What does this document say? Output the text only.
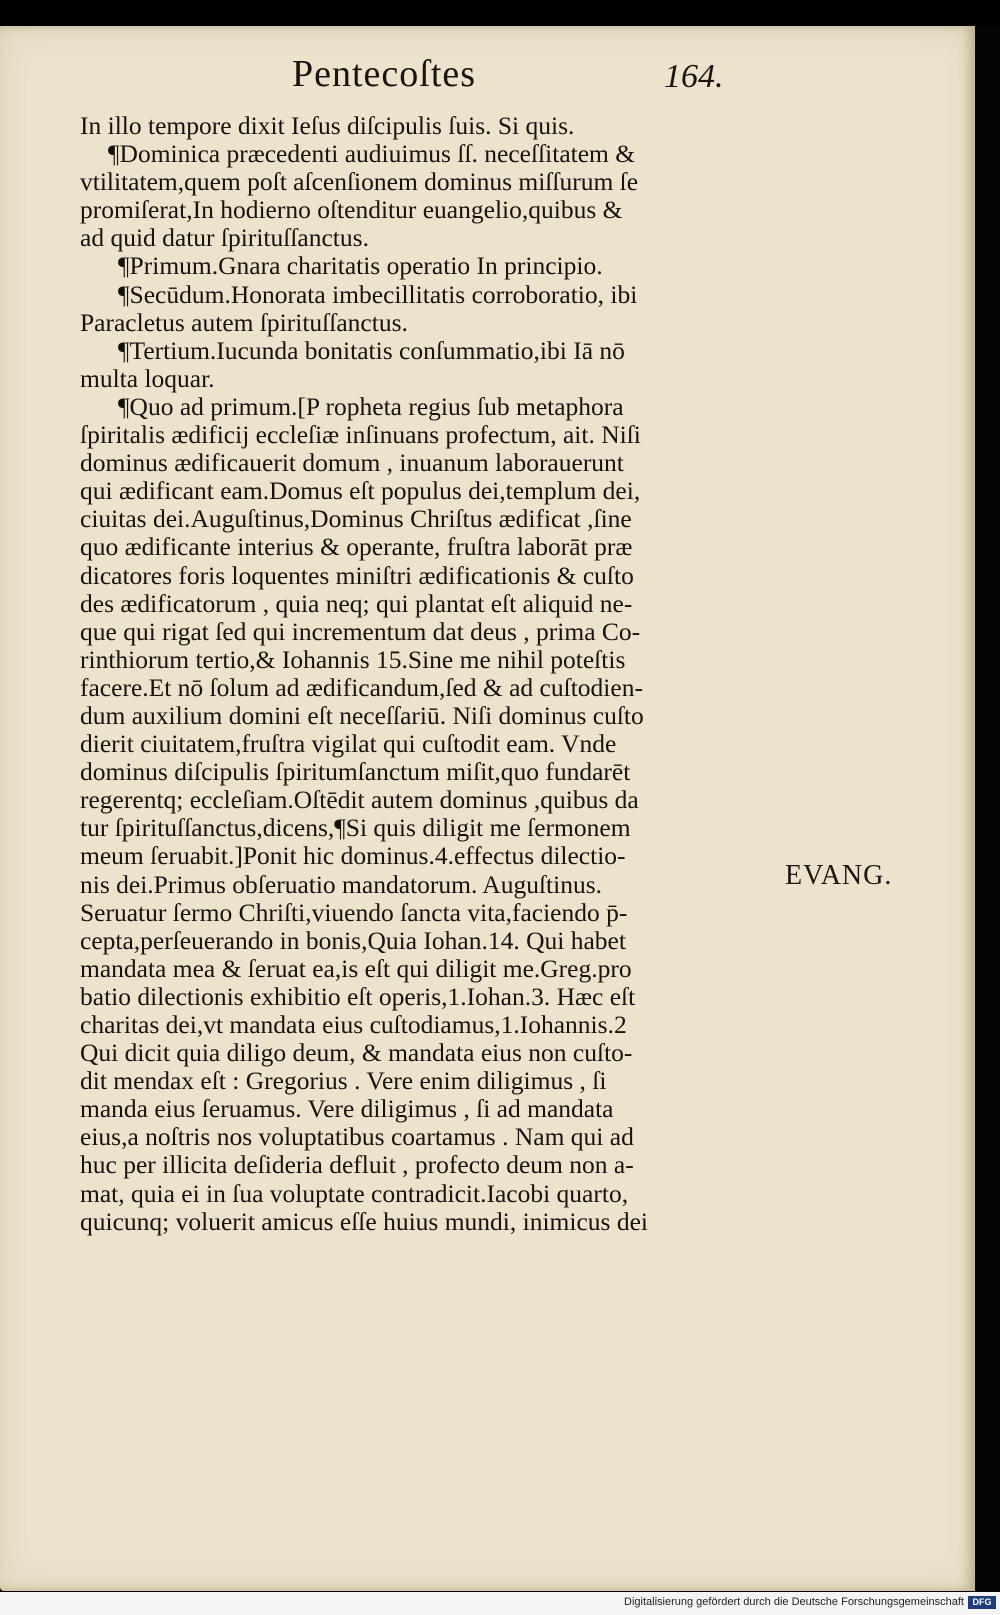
Pentecoſtes	164.
In illo tempore dixit Ieſus diſcipulis ſuis. Si quis.
¶Dominica præcedenti audiuimus ſſ. neceſſitatem &
vtilitatem,quem poſt aſcenſionem dominus miſſurum ſe
promiſerat,In hodierno oſtenditur euangelio,quibus &
ad quid datur ſpirituſſanctus.
¶Primum.Gnara charitatis operatio In principio.
¶Secūdum.Honorata imbecillitatis corroboratio, ibi
Paracletus autem ſpirituſſanctus.
¶Tertium.Iucunda bonitatis conſummatio,ibi Iā nō
multa loquar.
¶Quo ad primum.[P ropheta regius ſub metaphora
ſpiritalis ædificij eccleſiæ inſinuans profectum, ait. Niſi
dominus ædificauerit domum , inuanum laborauerunt
qui ædificant eam.Domus eſt populus dei,templum dei,
ciuitas dei.Auguſtinus,Dominus Chriſtus ædificat ,ſine
quo ædificante interius & operante, fruſtra laborāt præ
dicatores foris loquentes miniſtri ædificationis & cuſto
des ædificatorum , quia neq; qui plantat eſt aliquid ne-
que qui rigat ſed qui incrementum dat deus , prima Co-
rinthiorum tertio,& Iohannis 15.Sine me nihil poteſtis
facere.Et nō ſolum ad ædificandum,ſed & ad cuſtodien-
dum auxilium domini eſt neceſſariū. Niſi dominus cuſto
dierit ciuitatem,fruſtra vigilat qui cuſtodit eam. Vnde
dominus diſcipulis ſpiritumſanctum miſit,quo fundarēt
regerentq; eccleſiam.Oſtēdit autem dominus ,quibus da
tur ſpirituſſanctus,dicens,¶Si quis diligit me ſermonem
meum ſeruabit.]Ponit hic dominus.4.effectus dilectio-
nis dei.Primus obſeruatio mandatorum. Auguſtinus.
Seruatur ſermo Chriſti,viuendo ſancta vita,faciendo p̄-
cepta,perſeuerando in bonis,Quia Iohan.14. Qui habet
mandata mea & ſeruat ea,is eſt qui diligit me.Greg.pro
batio dilectionis exhibitio eſt operis,1.Iohan.3. Hæc eſt
charitas dei,vt mandata eius cuſtodiamus,1.Iohannis.2
Qui dicit quia diligo deum, & mandata eius non cuſto-
dit mendax eſt : Gregorius . Vere enim diligimus , ſi
manda eius ſeruamus. Vere diligimus , ſi ad mandata
eius,a noſtris nos voluptatibus coartamus . Nam qui ad
huc per illicita deſideria defluit , profecto deum non a-
mat, quia ei in ſua voluptate contradicit.Iacobi quarto,
quicunq; voluerit amicus eſſe huius mundi, inimicus dei
EVANG.
Digitalisierung gefördert durch die Deutsche Forschungsgemeinschaft DFG
